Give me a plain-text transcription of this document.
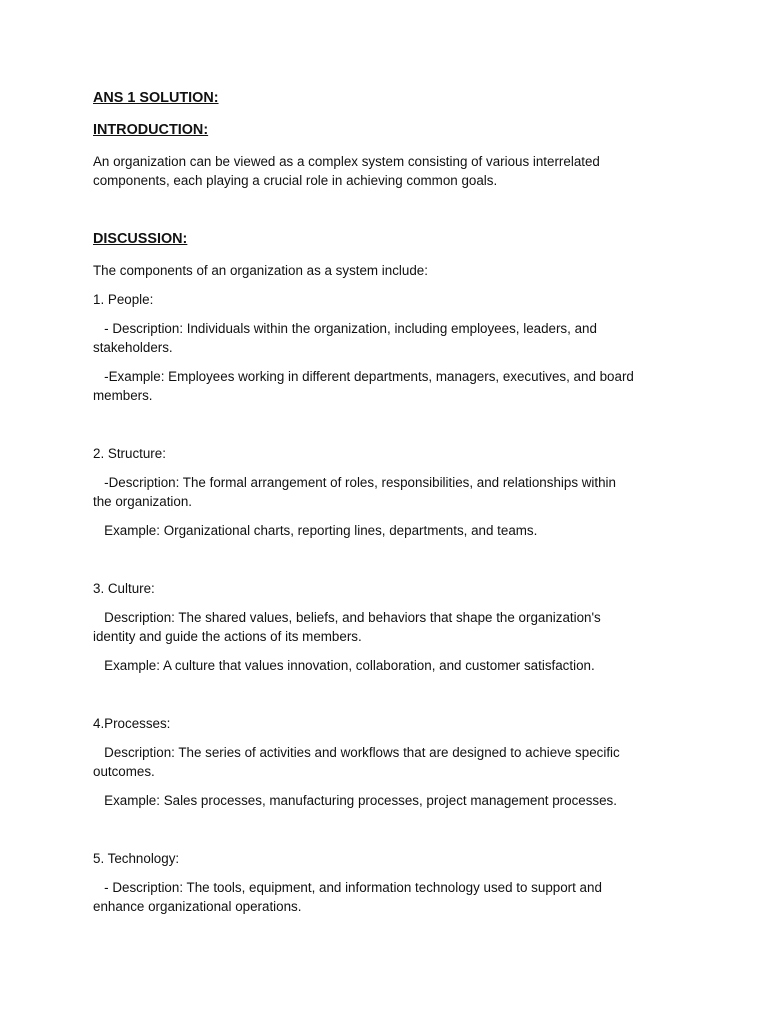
ANS 1 SOLUTION:

INTRODUCTION:

An organization can be viewed as a complex system consisting of various interrelated

components, each playing a crucial role in achieving common goals.

DISCUSSION:

The components of an organization as a system include:

1. People:

- Description: Individuals within the organization, including employees, leaders, and

stakeholders.

-Example: Employees working in different departments, managers, executives, and board

members.

2. Structure:

-Description: The formal arrangement of roles, responsibilities, and relationships within

the organization.

Example: Organizational charts, reporting lines, departments, and teams.

3. Culture:

Description: The shared values, beliefs, and behaviors that shape the organization's

identity and guide the actions of its members.

Example: A culture that values innovation, collaboration, and customer satisfaction.

4.Processes:

Description: The series of activities and workflows that are designed to achieve specific

outcomes.

Example: Sales processes, manufacturing processes, project management processes.

5. Technology:

- Description: The tools, equipment, and information technology used to support and

enhance organizational operations.
